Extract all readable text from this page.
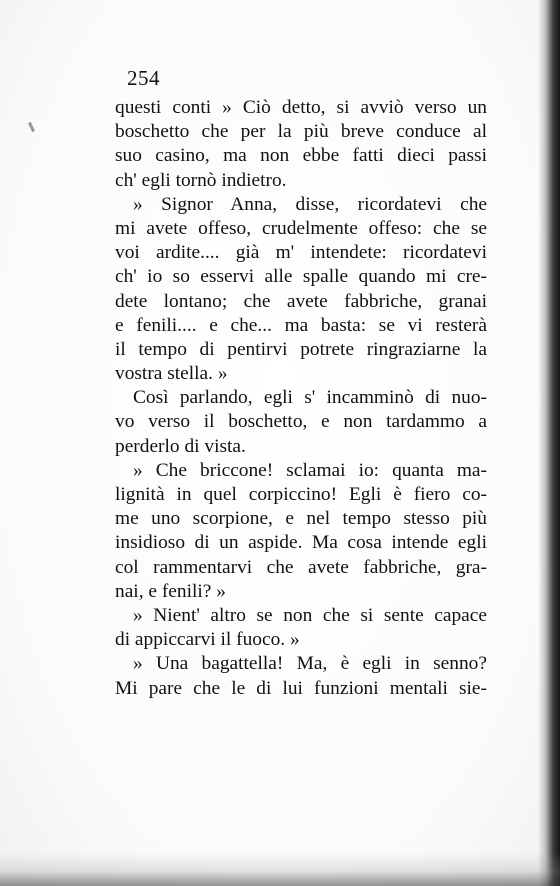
254
questi conti » Ciò detto, si avviò verso un
boschetto che per la più breve conduce al
suo casino, ma non ebbe fatti dieci passi
ch' egli tornò indietro.
» Signor Anna, disse, ricordatevi che
mi avete offeso, crudelmente offeso: che se
voi ardite.... già m' intendete: ricordatevi
ch' io so esservi alle spalle quando mi cre-
dete lontano; che avete fabbriche, granai
e fenili.... e che... ma basta: se vi resterà
il tempo di pentirvi potrete ringraziarne la
vostra stella. »
Così parlando, egli s' incamminò di nuo-
vo verso il boschetto, e non tardammo a
perderlo di vista.
» Che briccone! sclamai io: quanta ma-
lignità in quel corpiccino! Egli è fiero co-
me uno scorpione, e nel tempo stesso più
insidioso di un aspide. Ma cosa intende egli
col rammentarvi che avete fabbriche, gra-
nai, e fenili? »
» Nient' altro se non che si sente capace
di appiccarvi il fuoco. »
» Una bagattella! Ma, è egli in senno?
Mi pare che le di lui funzioni mentali sie-
